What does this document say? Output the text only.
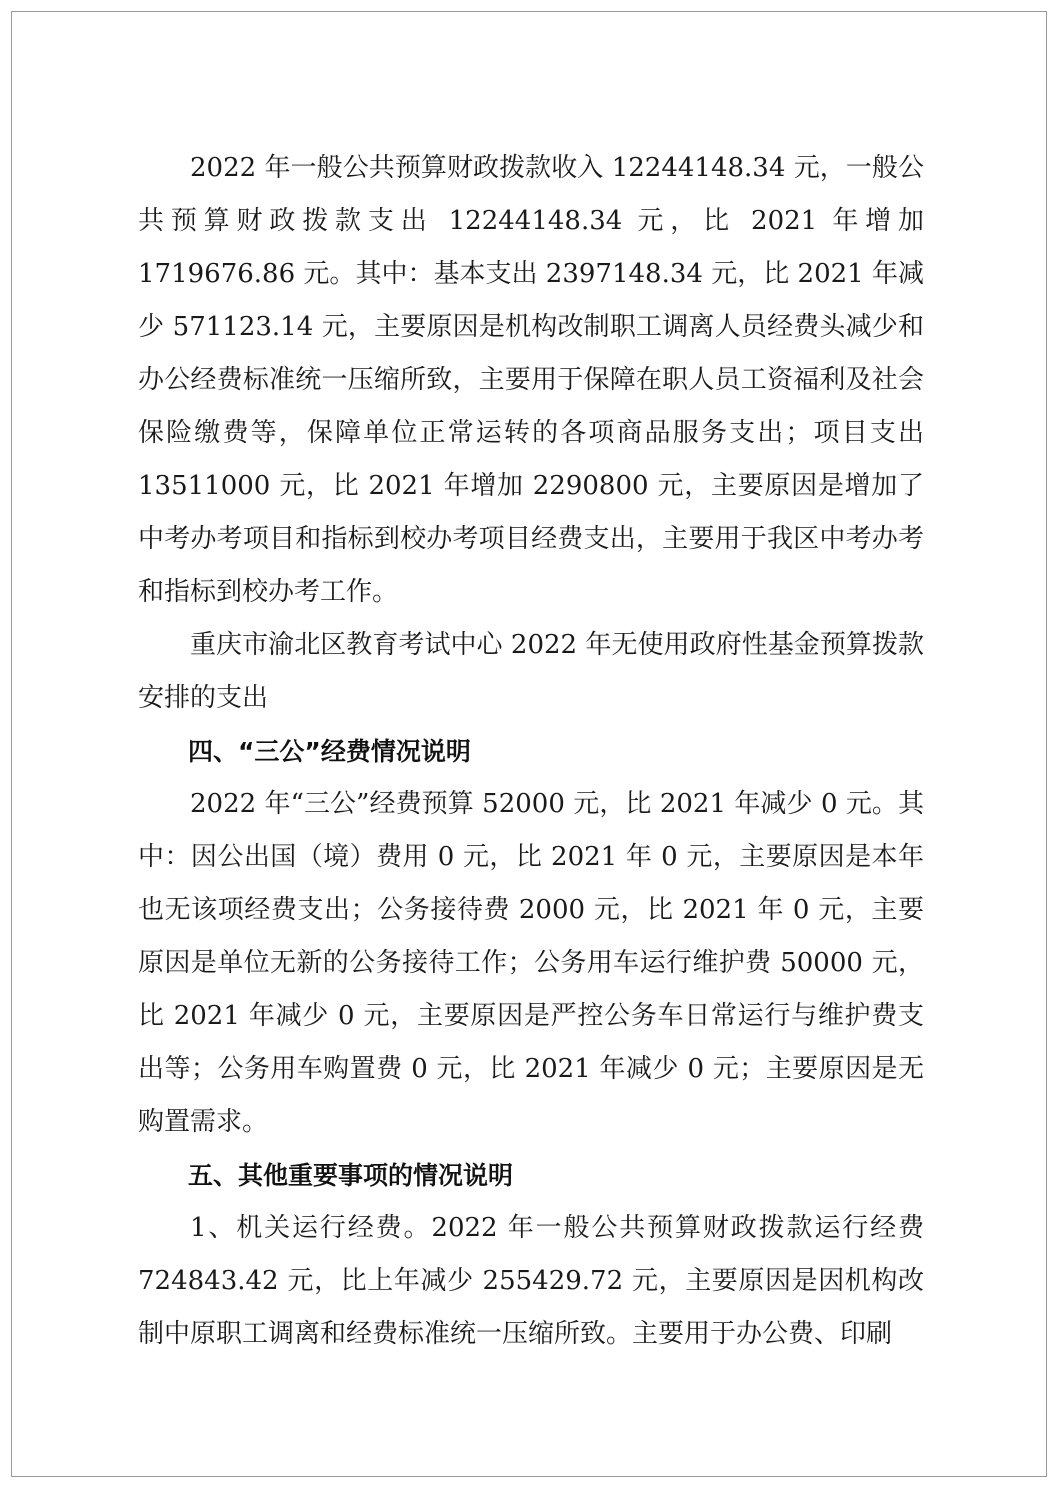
2022 年一般公共预算财政拨款收入 12244148.34 元，一般公共预算财政拨款支出 12244148.34 元，比 2021 年增加 1719676.86 元。其中：基本支出 2397148.34 元，比 2021 年减少 571123.14 元，主要原因是机构改制职工调离人员经费头减少和办公经费标准统一压缩所致，主要用于保障在职人员工资福利及社会保险缴费等，保障单位正常运转的各项商品服务支出；项目支出 13511000 元，比 2021 年增加 2290800 元，主要原因是增加了中考办考项目和指标到校办考项目经费支出，主要用于我区中考办考和指标到校办考工作。

重庆市渝北区教育考试中心 2022 年无使用政府性基金预算拨款安排的支出

四、“三公”经费情况说明

2022 年“三公”经费预算 52000 元，比 2021 年减少 0 元。其中：因公出国（境）费用 0 元，比 2021 年 0 元，主要原因是本年也无该项经费支出；公务接待费 2000 元，比 2021 年 0 元，主要原因是单位无新的公务接待工作；公务用车运行维护费 50000 元，比 2021 年减少 0 元，主要原因是严控公务车日常运行与维护费支出等；公务用车购置费 0 元，比 2021 年减少 0 元；主要原因是无购置需求。

五、其他重要事项的情况说明

1、机关运行经费。2022 年一般公共预算财政拨款运行经费 724843.42 元，比上年减少 255429.72 元，主要原因是因机构改制中原职工调离和经费标准统一压缩所致。主要用于办公费、印刷
